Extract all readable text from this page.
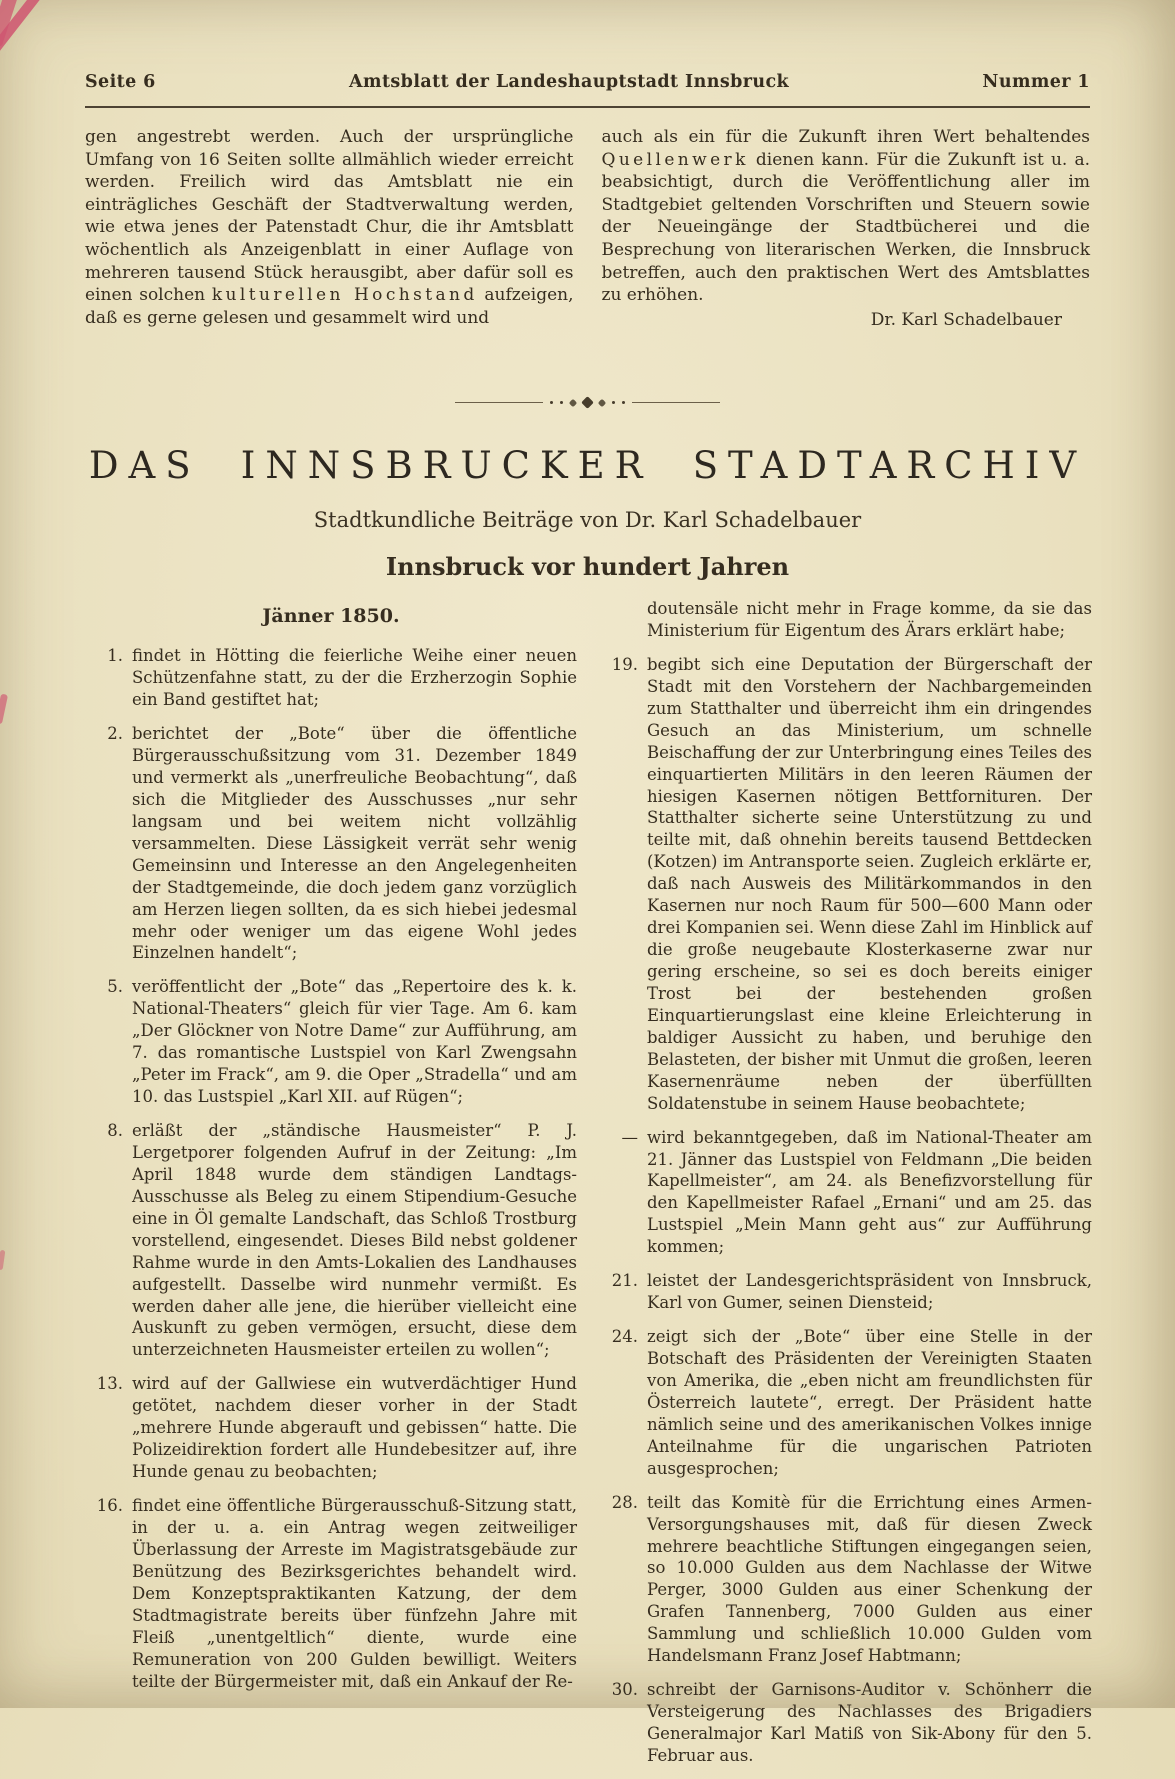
Seite 6	Amtsblatt der Landeshauptstadt Innsbruck	Nummer 1
gen angestrebt werden. Auch der ursprüngliche Umfang von 16 Seiten sollte allmählich wieder erreicht werden. Freilich wird das Amtsblatt nie ein einträgliches Geschäft der Stadtverwaltung werden, wie etwa jenes der Patenstadt Chur, die ihr Amtsblatt wöchentlich als Anzeigenblatt in einer Auflage von mehreren tausend Stück herausgibt, aber dafür soll es einen solchen kulturellen Hochstand aufzeigen, daß es gerne gelesen und gesammelt wird und
auch als ein für die Zukunft ihren Wert behaltendes Quellenwerk dienen kann. Für die Zukunft ist u. a. beabsichtigt, durch die Veröffentlichung aller im Stadtgebiet geltenden Vorschriften und Steuern sowie der Neueingänge der Stadtbücherei und die Besprechung von literarischen Werken, die Innsbruck betreffen, auch den praktischen Wert des Amtsblattes zu erhöhen.
Dr. Karl Schadelbauer
DAS INNSBRUCKER STADTARCHIV
Stadtkundliche Beiträge von Dr. Karl Schadelbauer
Innsbruck vor hundert Jahren
Jänner 1850.
1. findet in Hötting die feierliche Weihe einer neuen Schützenfahne statt, zu der die Erzherzogin Sophie ein Band gestiftet hat;

2. berichtet der „Bote“ über die öffentliche Bürgerausschußsitzung vom 31. Dezember 1849 und vermerkt als „unerfreuliche Beobachtung“, daß sich die Mitglieder des Ausschusses „nur sehr langsam und bei weitem nicht vollzählig versammelten. Diese Lässigkeit verrät sehr wenig Gemeinsinn und Interesse an den Angelegenheiten der Stadtgemeinde, die doch jedem ganz vorzüglich am Herzen liegen sollten, da es sich hiebei jedesmal mehr oder weniger um das eigene Wohl jedes Einzelnen handelt“;

5. veröffentlicht der „Bote“ das „Repertoire des k. k. National-Theaters“ gleich für vier Tage. Am 6. kam „Der Glöckner von Notre Dame“ zur Aufführung, am 7. das romantische Lustspiel von Karl Zwengsahn „Peter im Frack“, am 9. die Oper „Stradella“ und am 10. das Lustspiel „Karl XII. auf Rügen“;

8. erläßt der „ständische Hausmeister“ P. J. Lergetporer folgenden Aufruf in der Zeitung: „Im April 1848 wurde dem ständigen Landtags-Ausschusse als Beleg zu einem Stipendium-Gesuche eine in Öl gemalte Landschaft, das Schloß Trostburg vorstellend, eingesendet. Dieses Bild nebst goldener Rahme wurde in den Amts-Lokalien des Landhauses aufgestellt. Dasselbe wird nunmehr vermißt. Es werden daher alle jene, die hierüber vielleicht eine Auskunft zu geben vermögen, ersucht, diese dem unterzeichneten Hausmeister erteilen zu wollen“;

13. wird auf der Gallwiese ein wutverdächtiger Hund getötet, nachdem dieser vorher in der Stadt „mehrere Hunde abgerauft und gebissen“ hatte. Die Polizeidirektion fordert alle Hundebesitzer auf, ihre Hunde genau zu beobachten;

16. findet eine öffentliche Bürgerausschuß-Sitzung statt, in der u. a. ein Antrag wegen zeitweiliger Überlassung der Arreste im Magistratsgebäude zur Benützung des Bezirksgerichtes behandelt wird. Dem Konzeptspraktikanten Katzung, der dem Stadtmagistrate bereits über fünfzehn Jahre mit Fleiß „unentgeltlich“ diente, wurde eine Remuneration von 200 Gulden bewilligt. Weiters teilte der Bürgermeister mit, daß ein Ankauf der Re-

doutensäle nicht mehr in Frage komme, da sie das Ministerium für Eigentum des Ärars erklärt habe;

19. begibt sich eine Deputation der Bürgerschaft der Stadt mit den Vorstehern der Nachbargemeinden zum Statthalter und überreicht ihm ein dringendes Gesuch an das Ministerium, um schnelle Beischaffung der zur Unterbringung eines Teiles des einquartierten Militärs in den leeren Räumen der hiesigen Kasernen nötigen Bettfornituren. Der Statthalter sicherte seine Unterstützung zu und teilte mit, daß ohnehin bereits tausend Bettdecken (Kotzen) im Antransporte seien. Zugleich erklärte er, daß nach Ausweis des Militärkommandos in den Kasernen nur noch Raum für 500—600 Mann oder drei Kompanien sei. Wenn diese Zahl im Hinblick auf die große neugebaute Klosterkaserne zwar nur gering erscheine, so sei es doch bereits einiger Trost bei der bestehenden großen Einquartierungslast eine kleine Erleichterung in baldiger Aussicht zu haben, und beruhige den Belasteten, der bisher mit Unmut die großen, leeren Kasernenräume neben der überfüllten Soldatenstube in seinem Hause beobachtete;

— wird bekanntgegeben, daß im National-Theater am 21. Jänner das Lustspiel von Feldmann „Die beiden Kapellmeister“, am 24. als Benefizvorstellung für den Kapellmeister Rafael „Ernani“ und am 25. das Lustspiel „Mein Mann geht aus“ zur Aufführung kommen;

21. leistet der Landesgerichtspräsident von Innsbruck, Karl von Gumer, seinen Diensteid;

24. zeigt sich der „Bote“ über eine Stelle in der Botschaft des Präsidenten der Vereinigten Staaten von Amerika, die „eben nicht am freundlichsten für Österreich lautete“, erregt. Der Präsident hatte nämlich seine und des amerikanischen Volkes innige Anteilnahme für die ungarischen Patrioten ausgesprochen;

28. teilt das Komitè für die Errichtung eines Armen-Versorgungshauses mit, daß für diesen Zweck mehrere beachtliche Stiftungen eingegangen seien, so 10.000 Gulden aus dem Nachlasse der Witwe Perger, 3000 Gulden aus einer Schenkung der Grafen Tannenberg, 7000 Gulden aus einer Sammlung und schließlich 10.000 Gulden vom Handelsmann Franz Josef Habtmann;

30. schreibt der Garnisons-Auditor v. Schönherr die Versteigerung des Nachlasses des Brigadiers Generalmajor Karl Matiß von Sik-Abony für den 5. Februar aus.
